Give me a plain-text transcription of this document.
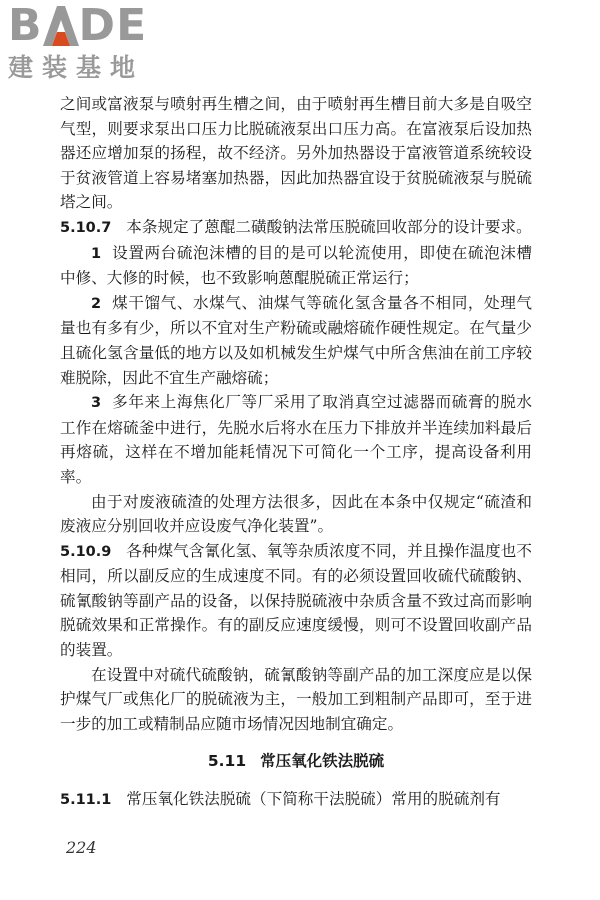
B DE
建装基地

之间或富液泵与喷射再生槽之间，由于喷射再生槽目前大多是自吸空气型，则要求泵出口压力比脱硫液泵出口压力高。在富液泵后设加热器还应增加泵的扬程，故不经济。另外加热器设于富液管道系统较设于贫液管道上容易堵塞加热器，因此加热器宜设于贫脱硫液泵与脱硫塔之间。

5.10.7 本条规定了蒽醌二磺酸钠法常压脱硫回收部分的设计要求。

1 设置两台硫泡沫槽的目的是可以轮流使用，即使在硫泡沫槽中修、大修的时候，也不致影响蒽醌脱硫正常运行；

2 煤干馏气、水煤气、油煤气等硫化氢含量各不相同，处理气量也有多有少，所以不宜对生产粉硫或融熔硫作硬性规定。在气量少且硫化氢含量低的地方以及如机械发生炉煤气中所含焦油在前工序较难脱除，因此不宜生产融熔硫；

3 多年来上海焦化厂等厂采用了取消真空过滤器而硫膏的脱水工作在熔硫釜中进行，先脱水后将水在压力下排放并半连续加料最后再熔硫，这样在不增加能耗情况下可简化一个工序，提高设备利用率。

由于对废液硫渣的处理方法很多，因此在本条中仅规定“硫渣和废液应分别回收并应设废气净化装置”。

5.10.9 各种煤气含氰化氢、氧等杂质浓度不同，并且操作温度也不相同，所以副反应的生成速度不同。有的必须设置回收硫代硫酸钠、硫氰酸钠等副产品的设备，以保持脱硫液中杂质含量不致过高而影响脱硫效果和正常操作。有的副反应速度缓慢，则可不设置回收副产品的装置。

在设置中对硫代硫酸钠，硫氰酸钠等副产品的加工深度应是以保护煤气厂或焦化厂的脱硫液为主，一般加工到粗制产品即可，至于进一步的加工或精制品应随市场情况因地制宜确定。

5.11 常压氧化铁法脱硫

5.11.1 常压氧化铁法脱硫（下简称干法脱硫）常用的脱硫剂有

224
